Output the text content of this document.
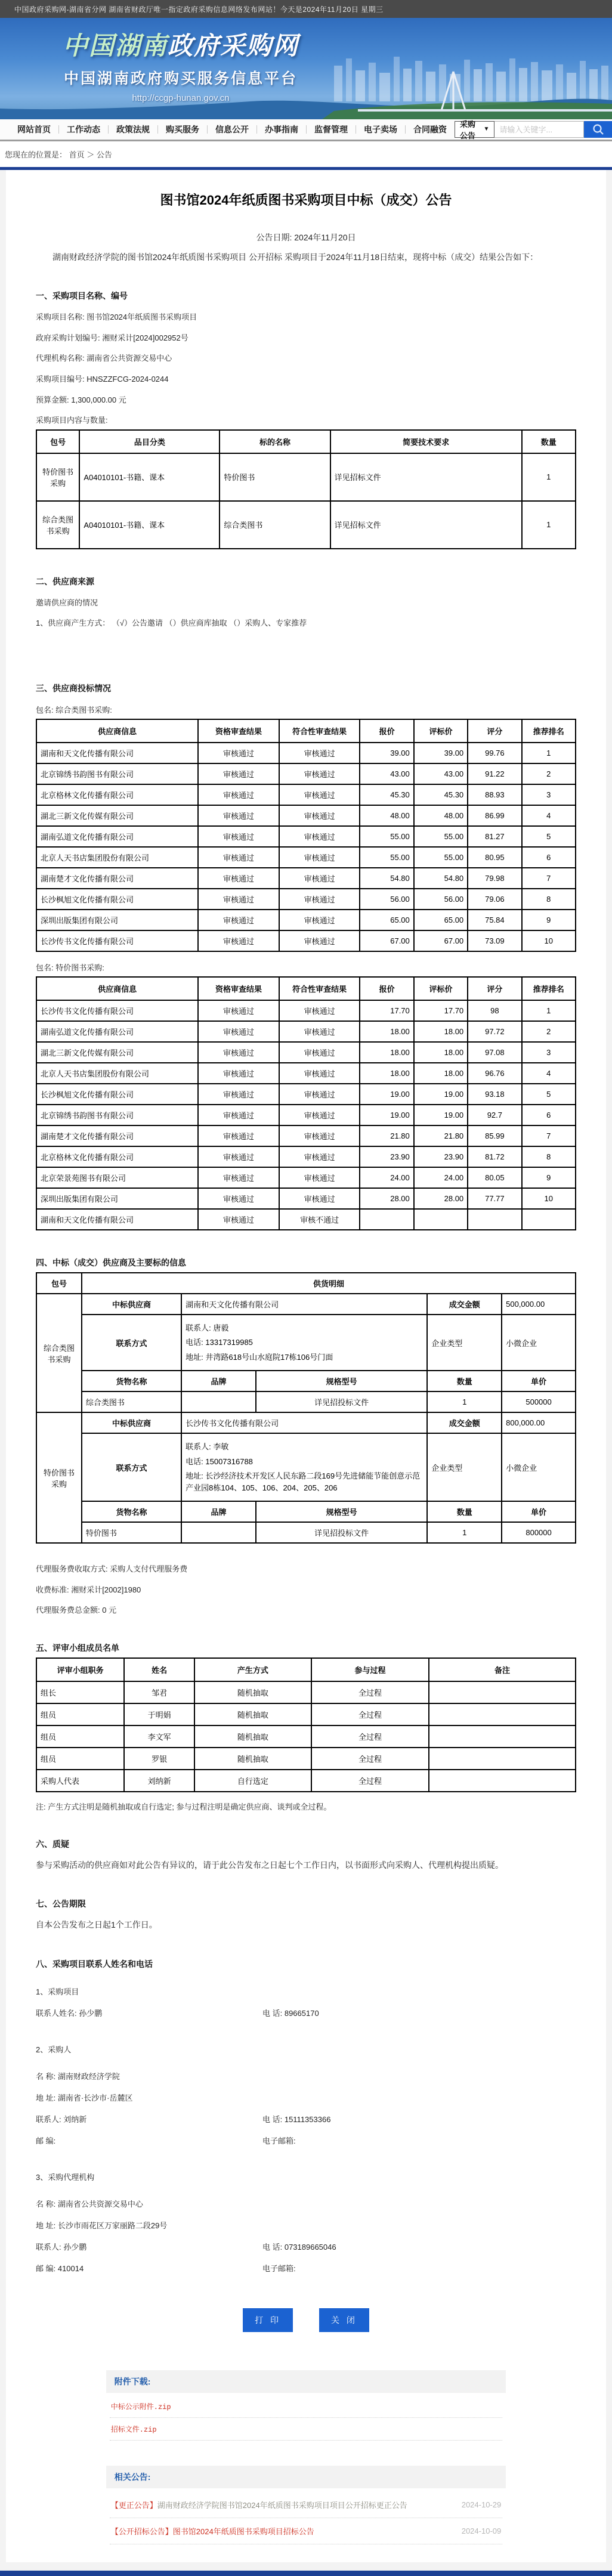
中国政府采购网-湖南省分网 湖南省财政厅唯一指定政府采购信息网络发布网站！今天是2024年11月20日 星期三
中国湖南政府采购网
中国湖南政府购买服务信息平台
http://ccgp-hunan.gov.cn
网站首页	工作动态	政策法规	购买服务	信息公开	办事指南	监督管理	电子卖场	合同融资
采购公告
▼
请输入关键字...
您现在的位置是： 首页 ＞ 公告
图书馆2024年纸质图书采购项目中标（成交）公告
公告日期: 2024年11月20日

湖南财政经济学院的图书馆2024年纸质图书采购项目 公开招标 采购项目于2024年11月18日结束，现将中标（成交）结果公告如下：

一、采购项目名称、编号
采购项目名称: 图书馆2024年纸质图书采购项目
政府采购计划编号: 湘财采计[2024]002952号
代理机构名称: 湖南省公共资源交易中心
采购项目编号: HNSZZFCG-2024-0244
预算金额: 1,300,000.00 元
采购项目内容与数量:
包号	品目分类	标的名称	简要技术要求	数量
特价图书采购	A04010101-书籍、课本	特价图书	详见招标文件	1
综合类图书采购	A04010101-书籍、课本	综合类图书	详见招标文件	1
二、供应商来源
邀请供应商的情况
1、供应商产生方式： （√）公告邀请 （）供应商库抽取 （）采购人、专家推荐
三、供应商投标情况
包名: 综合类图书采购:
供应商信息	资格审查结果	符合性审查结果	报价	评标价	评分	推荐排名
湖南和天文化传播有限公司	审核通过	审核通过	39.00	39.00	99.76	1
北京锦绣书韵图书有限公司	审核通过	审核通过	43.00	43.00	91.22	2
北京格林文化传播有限公司	审核通过	审核通过	45.30	45.30	88.93	3
湖北三新文化传媒有限公司	审核通过	审核通过	48.00	48.00	86.99	4
湖南弘道文化传播有限公司	审核通过	审核通过	55.00	55.00	81.27	5
北京人天书店集团股份有限公司	审核通过	审核通过	55.00	55.00	80.95	6
湖南楚才文化传播有限公司	审核通过	审核通过	54.80	54.80	79.98	7
长沙枫旭文化传播有限公司	审核通过	审核通过	56.00	56.00	79.06	8
深圳出版集团有限公司	审核通过	审核通过	65.00	65.00	75.84	9
长沙传书文化传播有限公司	审核通过	审核通过	67.00	67.00	73.09	10
包名: 特价图书采购:
供应商信息	资格审查结果	符合性审查结果	报价	评标价	评分	推荐排名
长沙传书文化传播有限公司	审核通过	审核通过	17.70	17.70	98	1
湖南弘道文化传播有限公司	审核通过	审核通过	18.00	18.00	97.72	2
湖北三新文化传媒有限公司	审核通过	审核通过	18.00	18.00	97.08	3
北京人天书店集团股份有限公司	审核通过	审核通过	18.00	18.00	96.76	4
长沙枫旭文化传播有限公司	审核通过	审核通过	19.00	19.00	93.18	5
北京锦绣书韵图书有限公司	审核通过	审核通过	19.00	19.00	92.7	6
湖南楚才文化传播有限公司	审核通过	审核通过	21.80	21.80	85.99	7
北京格林文化传播有限公司	审核通过	审核通过	23.90	23.90	81.72	8
北京荣景苑图书有限公司	审核通过	审核通过	24.00	24.00	80.05	9
深圳出版集团有限公司	审核通过	审核通过	28.00	28.00	77.77	10
湖南和天文化传播有限公司	审核通过	审核不通过				
四、中标（成交）供应商及主要标的信息
包号	供货明细				
综合类图书采购	中标供应商	湖南和天文化传播有限公司		成交金额	500,000.00
	联系方式	联系人: 唐毅
电话: 13317319985
地址: 井湾路618号山水庭院17栋106号门面		企业类型	小微企业
	货物名称	品牌	规格型号	数量	单价
	综合类图书		详见招投标文件	1	500000
特价图书采购	中标供应商	长沙传书文化传播有限公司		成交金额	800,000.00
	联系方式	联系人: 李敏
电话: 15007316788
地址: 长沙经济技术开发区人民东路二段169号先进储能节能创意示范产业园8栋104、105、106、204、205、206		企业类型	小微企业
	货物名称	品牌	规格型号	数量	单价
	特价图书		详见招投标文件	1	800000
代理服务费收取方式: 采购人支付代理服务费
收费标准: 湘财采计[2002]1980
代理服务费总金额: 0 元
五、评审小组成员名单
评审小组职务	姓名	产生方式	参与过程	备注
组长	邹君	随机抽取	全过程	
组员	于明娟	随机抽取	全过程	
组员	李文军	随机抽取	全过程	
组员	罗银	随机抽取	全过程	
采购人代表	刘纳新	自行选定	全过程	
注: 产生方式注明是随机抽取或自行选定; 参与过程注明是确定供应商、谈判或全过程。
六、质疑
参与采购活动的供应商如对此公告有异议的，请于此公告发布之日起七个工作日内，以书面形式向采购人、代理机构提出质疑。
七、公告期限
自本公告发布之日起1个工作日。
八、采购项目联系人姓名和电话
1、采购项目
联系人姓名: 孙少鹏	电 话: 89665170
2、采购人
名 称: 湖南财政经济学院
地 址: 湖南省·长沙市·岳麓区
联系人: 刘纳新	电 话: 15111353366
邮 编:	电子邮箱:
3、采购代理机构
名 称: 湖南省公共资源交易中心
地 址: 长沙市雨花区万家丽路二段29号
联系人: 孙少鹏	电 话: 073189665046
邮 编: 410014	电子邮箱:
打 印	关 闭
附件下载:
中标公示附件.zip
招标文件.zip
相关公告:
【更正公告】 湖南财政经济学院图书馆2024年纸质图书采购项目项目公开招标更正公告	2024-10-29
【公开招标公告】 图书馆2024年纸质图书采购项目招标公告	2024-10-09
